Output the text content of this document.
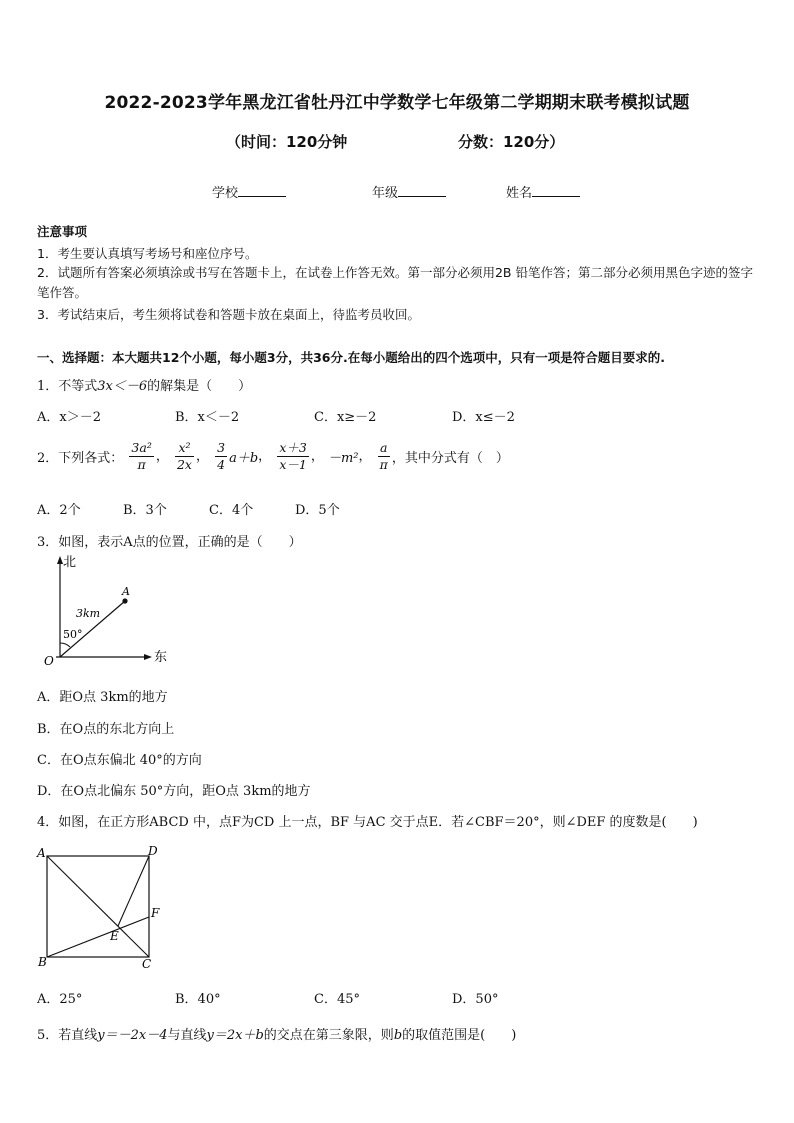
2022-2023学年黑龙江省牡丹江中学数学七年级第二学期期末联考模拟试题
（时间：120分钟	分数：120分）
学校	年级	姓名
注意事项
1．考生要认真填写考场号和座位序号。
2．试题所有答案必须填涂或书写在答题卡上，在试卷上作答无效。第一部分必须用2B 铅笔作答；第二部分必须用黑色字迹的签字笔作答。
3．考试结束后，考生须将试卷和答题卡放在桌面上，待监考员收回。
一、选择题：本大题共12个小题，每小题3分，共36分.在每小题给出的四个选项中，只有一项是符合题目要求的.
1．不等式3x＜－6的解集是（　　）
A．x＞－2	B．x＜－2	C．x≥－2	D．x≤－2
2．下列各式： $\frac{\text{3a²}}{\pi}$ ， $\frac{\text{x²}}{2x}$ ， $\frac{3}{4} a+b$， $\frac{x+3}{x-1}$ ， －m²， $\frac{a}{\pi}$ ，其中分式有（　）
A．2个	B．3个	C．4个	D．5个
3．如图，表示A点的位置，正确的是（　　）
北
东
O
A
3km
50°
A．距O点 3km的地方
B．在O点的东北方向上
C．在O点东偏北 40°的方向
D．在O点北偏东 50°方向，距O点 3km的地方
4．如图，在正方形ABCD 中，点F为CD 上一点，BF 与AC 交于点E．若∠CBF＝20°，则∠DEF 的度数是(　　)
A	D
B	C
F
E
A．25°	B．40°	C．45°	D．50°
5．若直线y＝－2x－4与直线y＝2x＋b的交点在第三象限，则b的取值范围是(　　)
